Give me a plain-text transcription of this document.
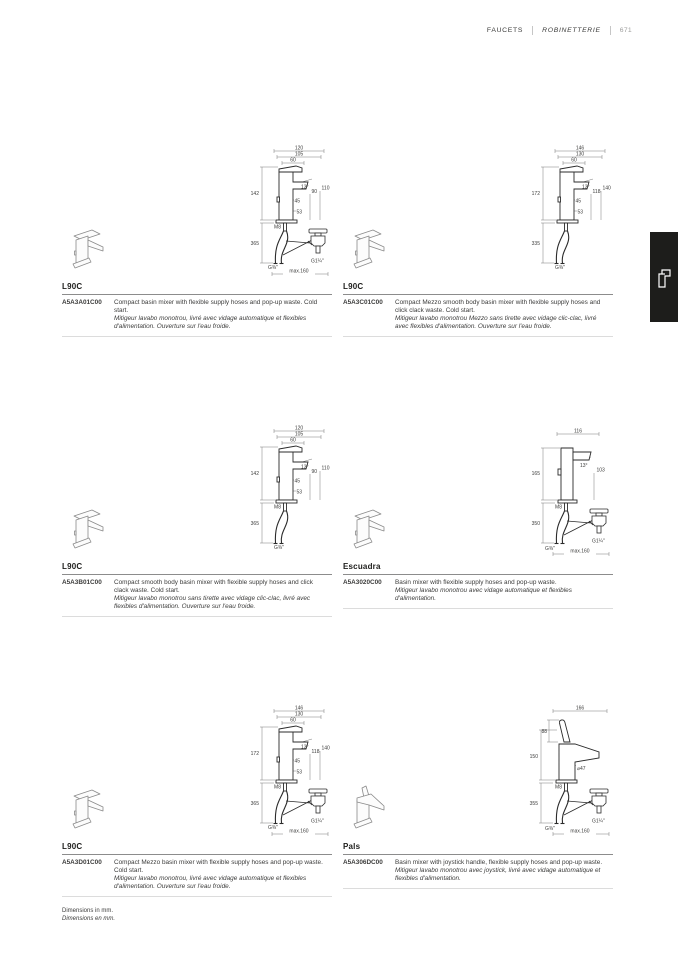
FAUCETS	ROBINETTERIE	671
120
105
60
142
365
13°
90
110
45
53
M8
G⅜"
G1¼"
max.160
L90C
A5A3A01C00	Compact basin mixer with flexible supply hoses and pop-up waste. Cold start.

Mitigeur lavabo monotrou, livré avec vidage automatique et flexibles d'alimentation. Ouverture sur l'eau froide.

146
130
60
172
335
13°
118
140
45
53
G⅜"
L90C
A5A3C01C00	Compact Mezzo smooth body basin mixer with flexible supply hoses and click clack waste. Cold start.

Mitigeur lavabo monotrou Mezzo sans tirette avec vidage clic-clac, livré avec flexibles d'alimentation. Ouverture sur l'eau froide.

120
105
60
142
365
13°
90
110
45
53
M8
G⅜"
L90C
A5A3B01C00	Compact smooth body basin mixer with flexible supply hoses and click clack waste. Cold start.

Mitigeur lavabo monotrou sans tirette avec vidage clic-clac, livré avec flexibles d'alimentation. Ouverture sur l'eau froide.

116
165
350
13°
103
M8
G⅜"
G1¼"
max.160
Escuadra
A5A3020C00	Basin mixer with flexible supply hoses and pop-up waste.

Mitigeur lavabo monotrou avec vidage automatique et flexibles d'alimentation.

146
130
60
172
365
13°
118
140
45
53
M8
G⅜"
G1¼"
max.160
L90C
A5A3D01C00	Compact Mezzo basin mixer with flexible supply hoses and pop-up waste. Cold start.

Mitigeur lavabo monotrou, livré avec vidage automatique et flexibles d'alimentation. Ouverture sur l'eau froide.

166
88
150
355
⌀47
M8
G⅜"
G1¼"
max.160
Pals
A5A306DC00	Basin mixer with joystick handle, flexible supply hoses and pop-up waste.

Mitigeur lavabo monotrou avec joystick, livré avec vidage automatique et flexibles d'alimentation.

Dimensions in mm.
Dimensions en mm.
